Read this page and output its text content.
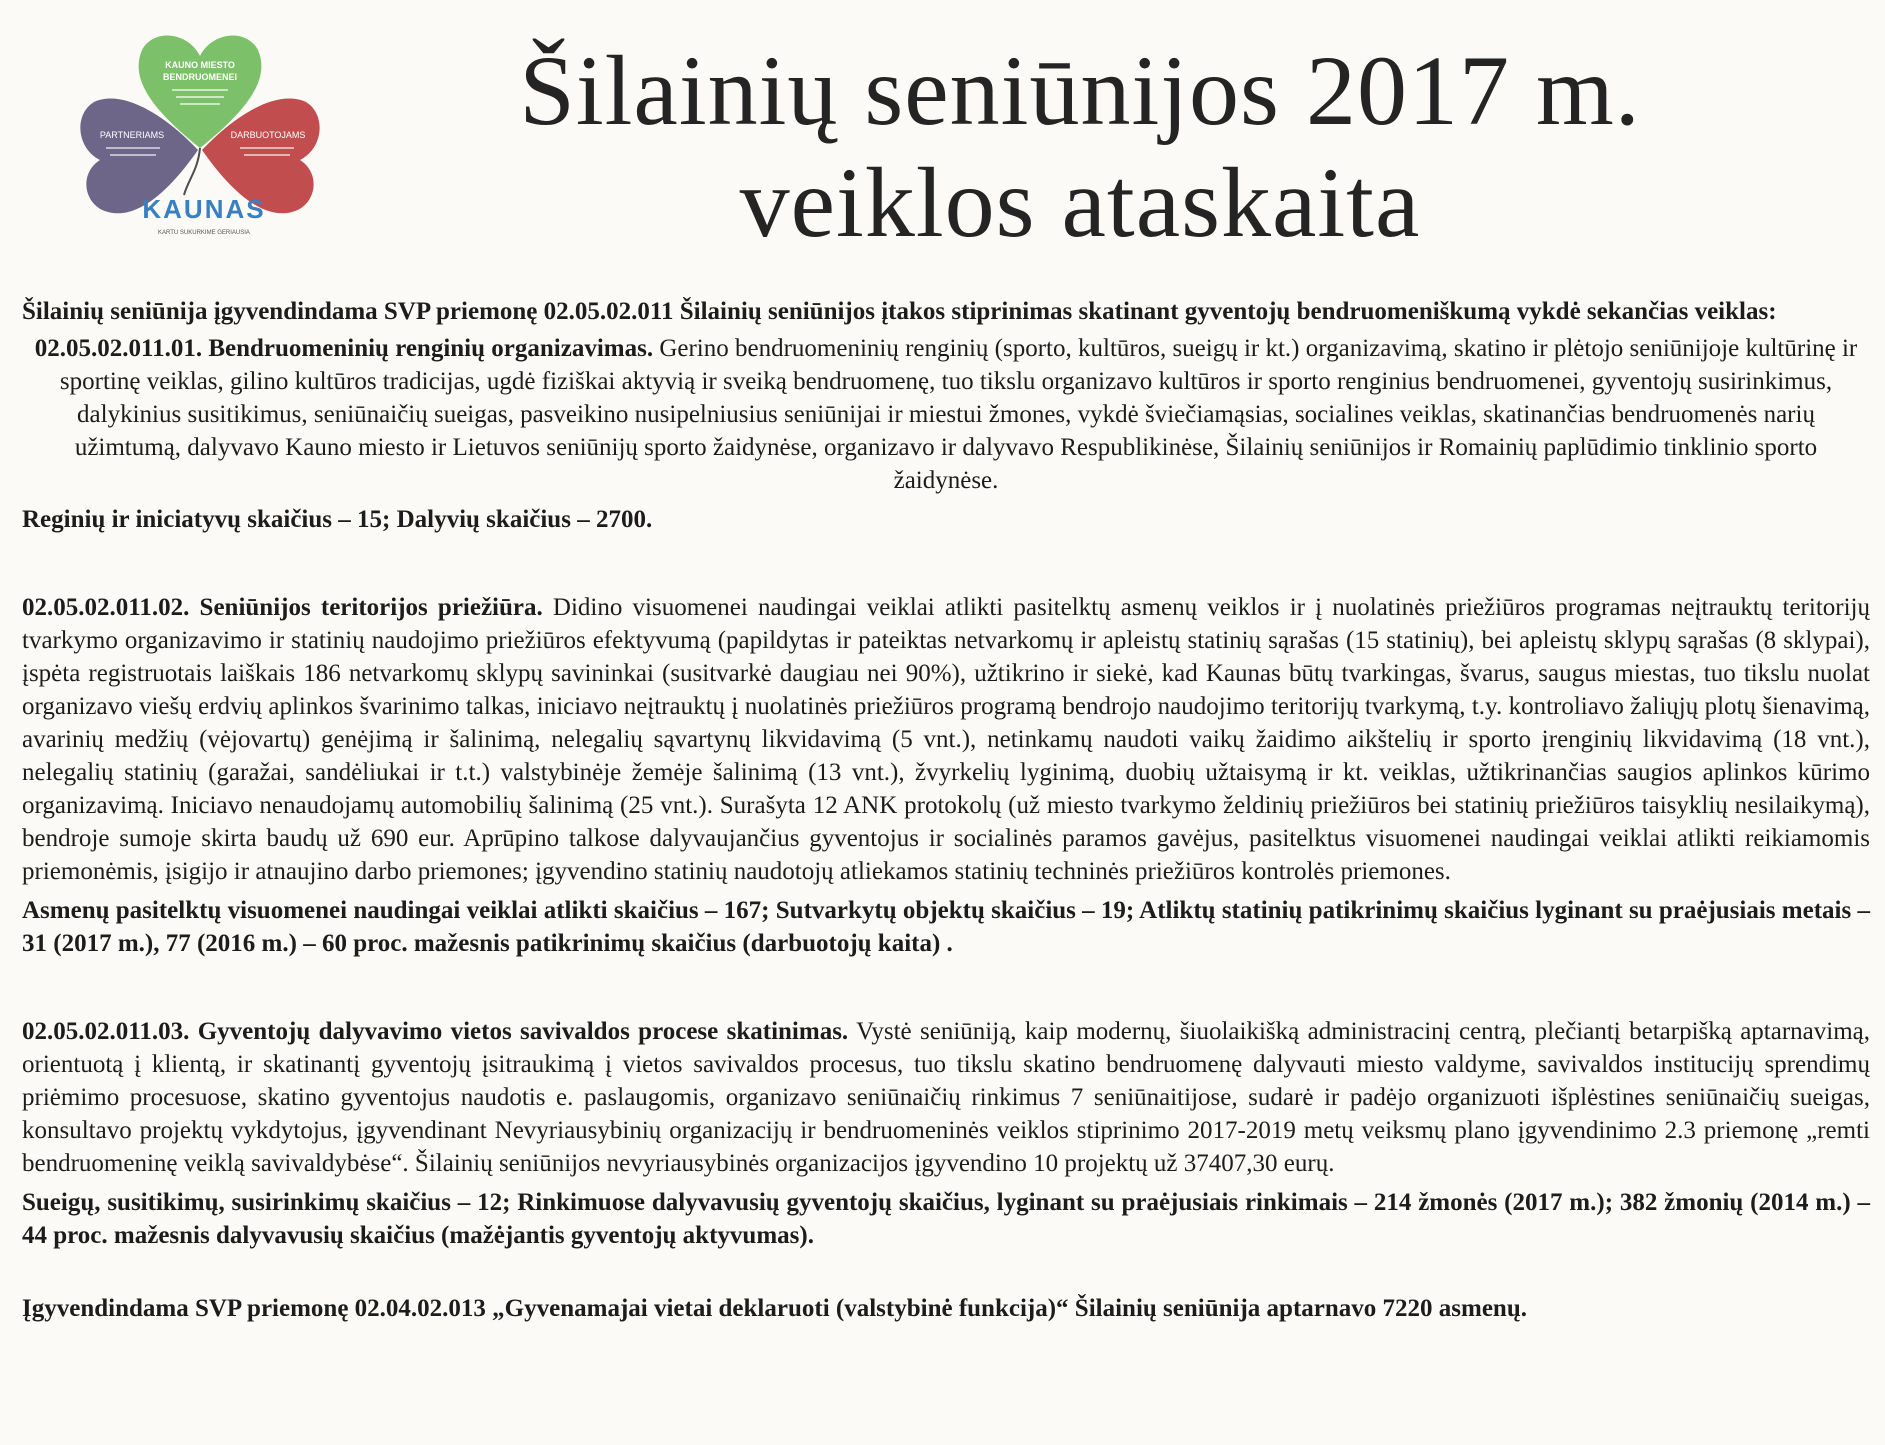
KAUNO MIESTO
BENDRUOMENEI
PARTNERIAMS	DARBUOTOJAMS
KAUNAS
KARTU SUKURKIME GERIAUSIA
Šilainių seniūnijos 2017 m.
veiklos ataskaita

Šilainių seniūnija įgyvendindama SVP priemonę 02.05.02.011 Šilainių seniūnijos įtakos stiprinimas skatinant gyventojų bendruomeniškumą vykdė sekančias veiklas:

02.05.02.011.01. Bendruomeninių renginių organizavimas. Gerino bendruomeninių renginių (sporto, kultūros, sueigų ir kt.) organizavimą, skatino ir plėtojo seniūnijoje kultūrinę ir sportinę veiklas, gilino kultūros tradicijas, ugdė fiziškai aktyvią ir sveiką bendruomenę, tuo tikslu organizavo kultūros ir sporto renginius bendruomenei, gyventojų susirinkimus, dalykinius susitikimus, seniūnaičių sueigas, pasveikino nusipelniusius seniūnijai ir miestui žmones, vykdė šviečiamąsias, socialines veiklas, skatinančias bendruomenės narių užimtumą, dalyvavo Kauno miesto ir Lietuvos seniūnijų sporto žaidynėse, organizavo ir dalyvavo Respublikinėse, Šilainių seniūnijos ir Romainių paplūdimio tinklinio sporto žaidynėse.

Reginių ir iniciatyvų skaičius – 15; Dalyvių skaičius – 2700.

02.05.02.011.02. Seniūnijos teritorijos priežiūra. Didino visuomenei naudingai veiklai atlikti pasitelktų asmenų veiklos ir į nuolatinės priežiūros programas neįtrauktų teritorijų tvarkymo organizavimo ir statinių naudojimo priežiūros efektyvumą (papildytas ir pateiktas netvarkomų ir apleistų statinių sąrašas (15 statinių), bei apleistų sklypų sąrašas (8 sklypai), įspėta registruotais laiškais 186 netvarkomų sklypų savininkai (susitvarkė daugiau nei 90%), užtikrino ir siekė, kad Kaunas būtų tvarkingas, švarus, saugus miestas, tuo tikslu nuolat organizavo viešų erdvių aplinkos švarinimo talkas, iniciavo neįtrauktų į nuolatinės priežiūros programą bendrojo naudojimo teritorijų tvarkymą, t.y. kontroliavo žaliųjų plotų šienavimą, avarinių medžių (vėjovartų) genėjimą ir šalinimą, nelegalių sąvartynų likvidavimą (5 vnt.), netinkamų naudoti vaikų žaidimo aikštelių ir sporto įrenginių likvidavimą (18 vnt.), nelegalių statinių (garažai, sandėliukai ir t.t.) valstybinėje žemėje šalinimą (13 vnt.), žvyrkelių lyginimą, duobių užtaisymą ir kt. veiklas, užtikrinančias saugios aplinkos kūrimo organizavimą. Iniciavo nenaudojamų automobilių šalinimą (25 vnt.). Surašyta 12 ANK protokolų (už miesto tvarkymo želdinių priežiūros bei statinių priežiūros taisyklių nesilaikymą), bendroje sumoje skirta baudų už 690 eur. Aprūpino talkose dalyvaujančius gyventojus ir socialinės paramos gavėjus, pasitelktus visuomenei naudingai veiklai atlikti reikiamomis priemonėmis, įsigijo ir atnaujino darbo priemones; įgyvendino statinių naudotojų atliekamos statinių techninės priežiūros kontrolės priemones.

Asmenų pasitelktų visuomenei naudingai veiklai atlikti skaičius – 167; Sutvarkytų objektų skaičius – 19; Atliktų statinių patikrinimų skaičius lyginant su praėjusiais metais – 31 (2017 m.), 77 (2016 m.) – 60 proc. mažesnis patikrinimų skaičius (darbuotojų kaita) .

02.05.02.011.03. Gyventojų dalyvavimo vietos savivaldos procese skatinimas. Vystė seniūniją, kaip modernų, šiuolaikišką administracinį centrą, plečiantį betarpišką aptarnavimą, orientuotą į klientą, ir skatinantį gyventojų įsitraukimą į vietos savivaldos procesus, tuo tikslu skatino bendruomenę dalyvauti miesto valdyme, savivaldos institucijų sprendimų priėmimo procesuose, skatino gyventojus naudotis e. paslaugomis, organizavo seniūnaičių rinkimus 7 seniūnaitijose, sudarė ir padėjo organizuoti išplėstines seniūnaičių sueigas, konsultavo projektų vykdytojus, įgyvendinant Nevyriausybinių organizacijų ir bendruomeninės veiklos stiprinimo 2017-2019 metų veiksmų plano įgyvendinimo 2.3 priemonę „remti bendruomeninę veiklą savivaldybėse“. Šilainių seniūnijos nevyriausybinės organizacijos įgyvendino 10 projektų už 37407,30 eurų.

Sueigų, susitikimų, susirinkimų skaičius – 12; Rinkimuose dalyvavusių gyventojų skaičius, lyginant su praėjusiais rinkimais – 214 žmonės (2017 m.); 382 žmonių (2014 m.) – 44 proc. mažesnis dalyvavusių skaičius (mažėjantis gyventojų aktyvumas).

Įgyvendindama SVP priemonę 02.04.02.013 „Gyvenamajai vietai deklaruoti (valstybinė funkcija)“ Šilainių seniūnija aptarnavo 7220 asmenų.
